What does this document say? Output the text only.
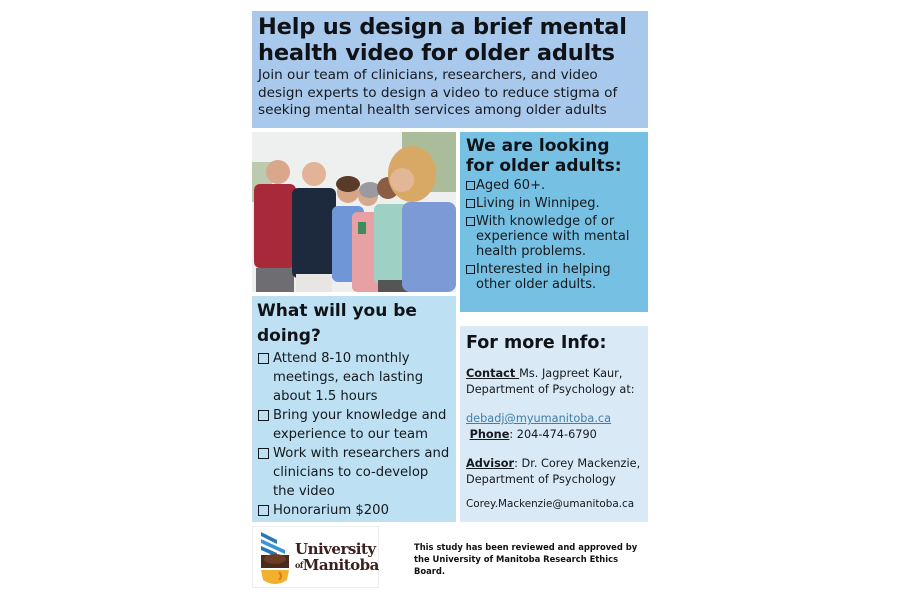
Help us design a brief mental
health video for older adults
Join our team of clinicians, researchers, and video design experts to design a video to reduce stigma of seeking mental health services among older adults
We are looking for older adults:
Aged 60+.
Living in Winnipeg.
With knowledge of or experience with mental health problems.
Interested in helping other older adults.
What will you be doing?
Attend 8-10 monthly meetings, each lasting about 1.5 hours
Bring your knowledge and experience to our team
Work with researchers and clinicians to co-develop the video
Honorarium $200
For more Info:
Contact Ms. Jagpreet Kaur, Department of Psychology at:
debadj@myumanitoba.ca
Phone: 204-474-6790
Advisor: Dr. Corey Mackenzie, Department of Psychology
Corey.Mackenzie@umanitoba.ca
University
ofManitoba
This study has been reviewed and approved by
the University of Manitoba Research Ethics Board.
